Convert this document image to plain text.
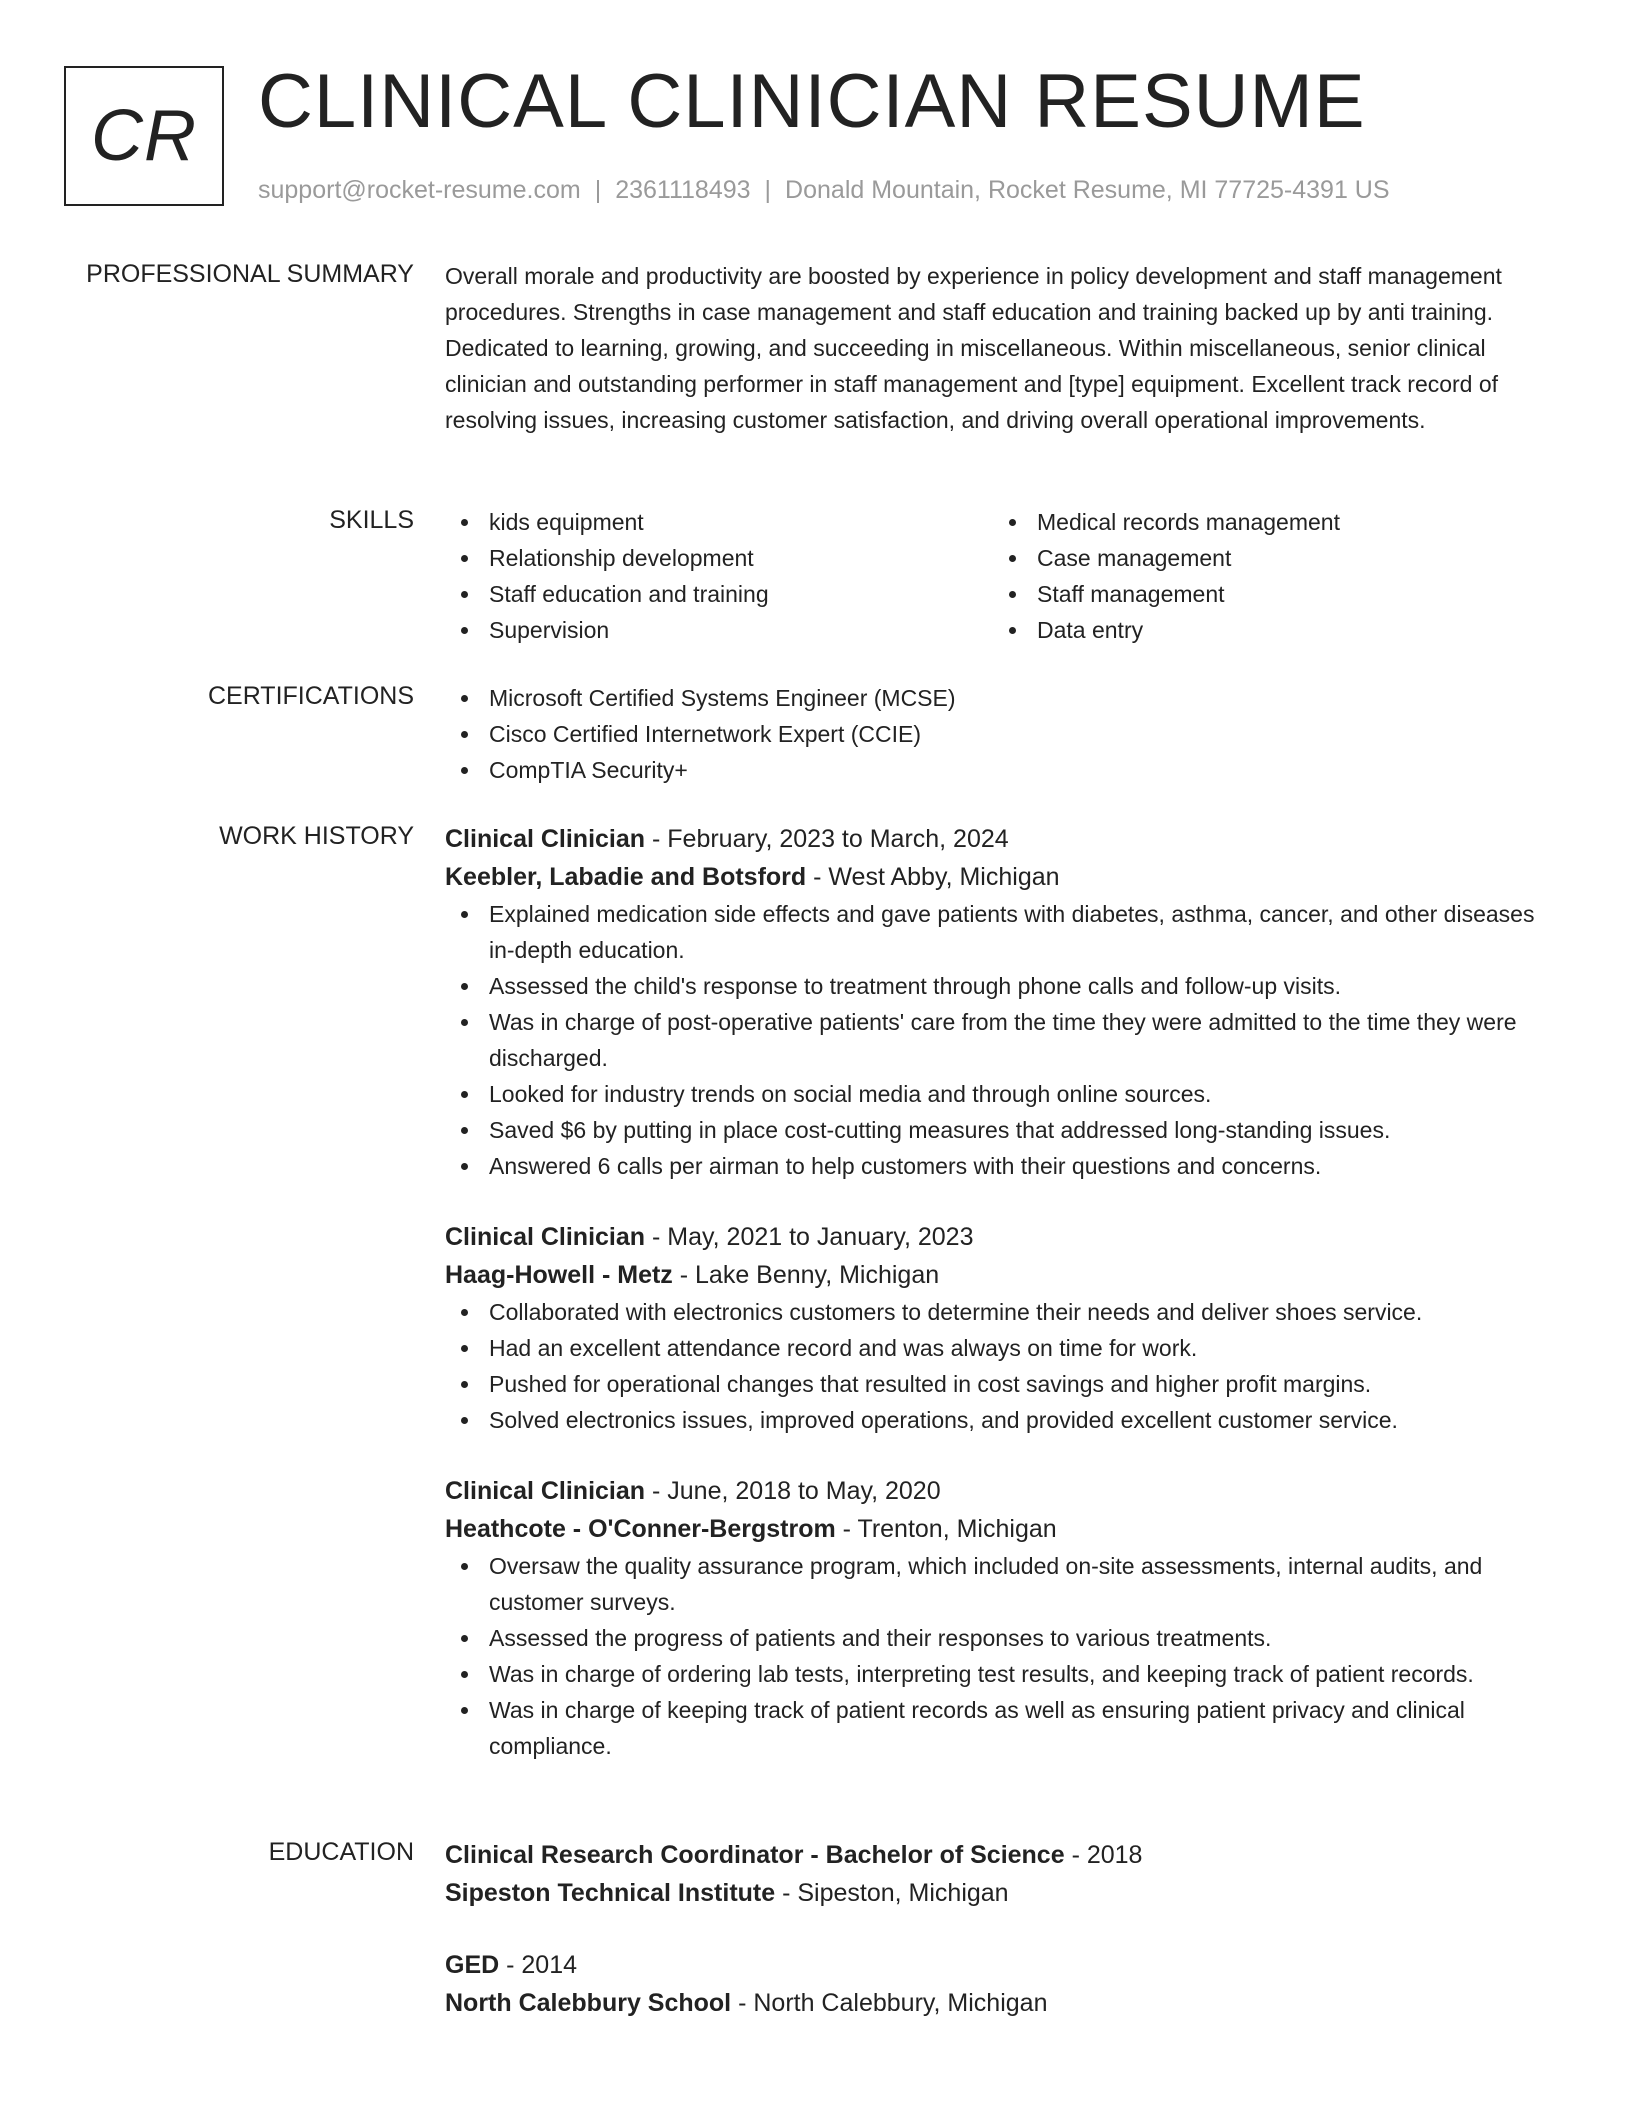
CR CLINICAL CLINICIAN RESUME
support@rocket-resume.com | 2361118493 | Donald Mountain, Rocket Resume, MI 77725-4391 US
PROFESSIONAL SUMMARY Overall morale and productivity are boosted by experience in policy development and staff management procedures. Strengths in case management and staff education and training backed up by anti training. Dedicated to learning, growing, and succeeding in miscellaneous. Within miscellaneous, senior clinical clinician and outstanding performer in staff management and [type] equipment. Excellent track record of resolving issues, increasing customer satisfaction, and driving overall operational improvements.

SKILLS	kids equipment
Relationship development
Staff education and training
Supervision
Medical records management
Case management
Staff management
Data entry
CERTIFICATIONS	Microsoft Certified Systems Engineer (MCSE)
Cisco Certified Internetwork Expert (CCIE)
CompTIA Security+
WORK HISTORY Clinical Clinician - February, 2023 to March, 2024
Keebler, Labadie and Botsford - West Abby, Michigan
Explained medication side effects and gave patients with diabetes, asthma, cancer, and other diseases in-depth education.
Assessed the child's response to treatment through phone calls and follow-up visits.
Was in charge of post-operative patients' care from the time they were admitted to the time they were discharged.
Looked for industry trends on social media and through online sources.
Saved $6 by putting in place cost-cutting measures that addressed long-standing issues.
Answered 6 calls per airman to help customers with their questions and concerns.
Clinical Clinician - May, 2021 to January, 2023
Haag-Howell - Metz - Lake Benny, Michigan
Collaborated with electronics customers to determine their needs and deliver shoes service.
Had an excellent attendance record and was always on time for work.
Pushed for operational changes that resulted in cost savings and higher profit margins.
Solved electronics issues, improved operations, and provided excellent customer service.
Clinical Clinician - June, 2018 to May, 2020
Heathcote - O'Conner-Bergstrom - Trenton, Michigan
Oversaw the quality assurance program, which included on-site assessments, internal audits, and customer surveys.
Assessed the progress of patients and their responses to various treatments.
Was in charge of ordering lab tests, interpreting test results, and keeping track of patient records.
Was in charge of keeping track of patient records as well as ensuring patient privacy and clinical compliance.
EDUCATION Clinical Research Coordinator - Bachelor of Science - 2018
Sipeston Technical Institute - Sipeston, Michigan
GED - 2014
North Calebbury School - North Calebbury, Michigan
